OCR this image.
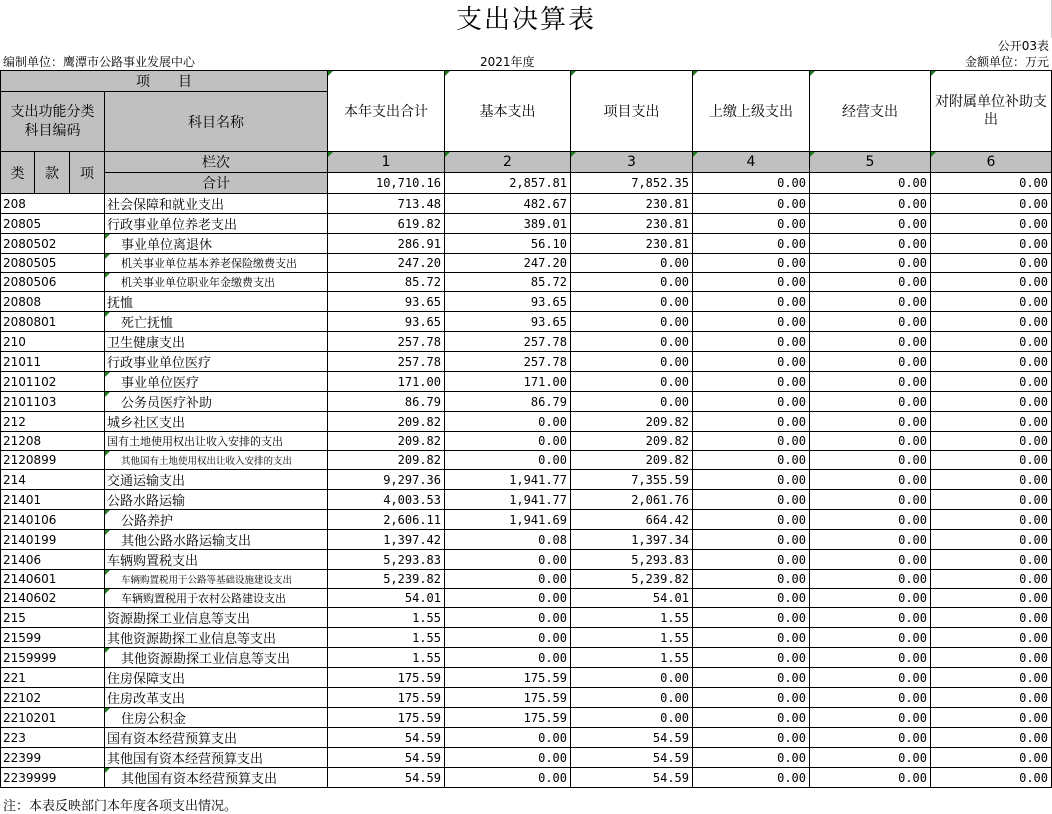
支出决算表
公开03表
编制单位：鹰潭市公路事业发展中心	2021年度	金额单位：万元
项　　目				本年支出合计	基本支出	项目支出	上缴上级支出	经营支出	对附属单位补助支出
支出功能分类科目编码			科目名称						

类	款	项	栏次	1	2	3	4	5	6
			合计	10,710.16	2,857.81	7,852.35	0.00	0.00	0.00
208			社会保障和就业支出	713.48	482.67	230.81	0.00	0.00	0.00
20805			行政事业单位养老支出	619.82	389.01	230.81	0.00	0.00	0.00
2080502			事业单位离退休	286.91	56.10	230.81	0.00	0.00	0.00
2080505			机关事业单位基本养老保险缴费支出	247.20	247.20	0.00	0.00	0.00	0.00
2080506			机关事业单位职业年金缴费支出	85.72	85.72	0.00	0.00	0.00	0.00
20808			抚恤	93.65	93.65	0.00	0.00	0.00	0.00
2080801			死亡抚恤	93.65	93.65	0.00	0.00	0.00	0.00
210			卫生健康支出	257.78	257.78	0.00	0.00	0.00	0.00
21011			行政事业单位医疗	257.78	257.78	0.00	0.00	0.00	0.00
2101102			事业单位医疗	171.00	171.00	0.00	0.00	0.00	0.00
2101103			公务员医疗补助	86.79	86.79	0.00	0.00	0.00	0.00
212			城乡社区支出	209.82	0.00	209.82	0.00	0.00	0.00
21208			国有土地使用权出让收入安排的支出	209.82	0.00	209.82	0.00	0.00	0.00
2120899			其他国有土地使用权出让收入安排的支出	209.82	0.00	209.82	0.00	0.00	0.00
214			交通运输支出	9,297.36	1,941.77	7,355.59	0.00	0.00	0.00
21401			公路水路运输	4,003.53	1,941.77	2,061.76	0.00	0.00	0.00
2140106			公路养护	2,606.11	1,941.69	664.42	0.00	0.00	0.00
2140199			其他公路水路运输支出	1,397.42	0.08	1,397.34	0.00	0.00	0.00
21406			车辆购置税支出	5,293.83	0.00	5,293.83	0.00	0.00	0.00
2140601			车辆购置税用于公路等基础设施建设支出	5,239.82	0.00	5,239.82	0.00	0.00	0.00
2140602			车辆购置税用于农村公路建设支出	54.01	0.00	54.01	0.00	0.00	0.00
215			资源勘探工业信息等支出	1.55	0.00	1.55	0.00	0.00	0.00
21599			其他资源勘探工业信息等支出	1.55	0.00	1.55	0.00	0.00	0.00
2159999			其他资源勘探工业信息等支出	1.55	0.00	1.55	0.00	0.00	0.00
221			住房保障支出	175.59	175.59	0.00	0.00	0.00	0.00
22102			住房改革支出	175.59	175.59	0.00	0.00	0.00	0.00
2210201			住房公积金	175.59	175.59	0.00	0.00	0.00	0.00
223			国有资本经营预算支出	54.59	0.00	54.59	0.00	0.00	0.00
22399			其他国有资本经营预算支出	54.59	0.00	54.59	0.00	0.00	0.00
2239999			其他国有资本经营预算支出	54.59	0.00	54.59	0.00	0.00	0.00
注：本表反映部门本年度各项支出情况。
